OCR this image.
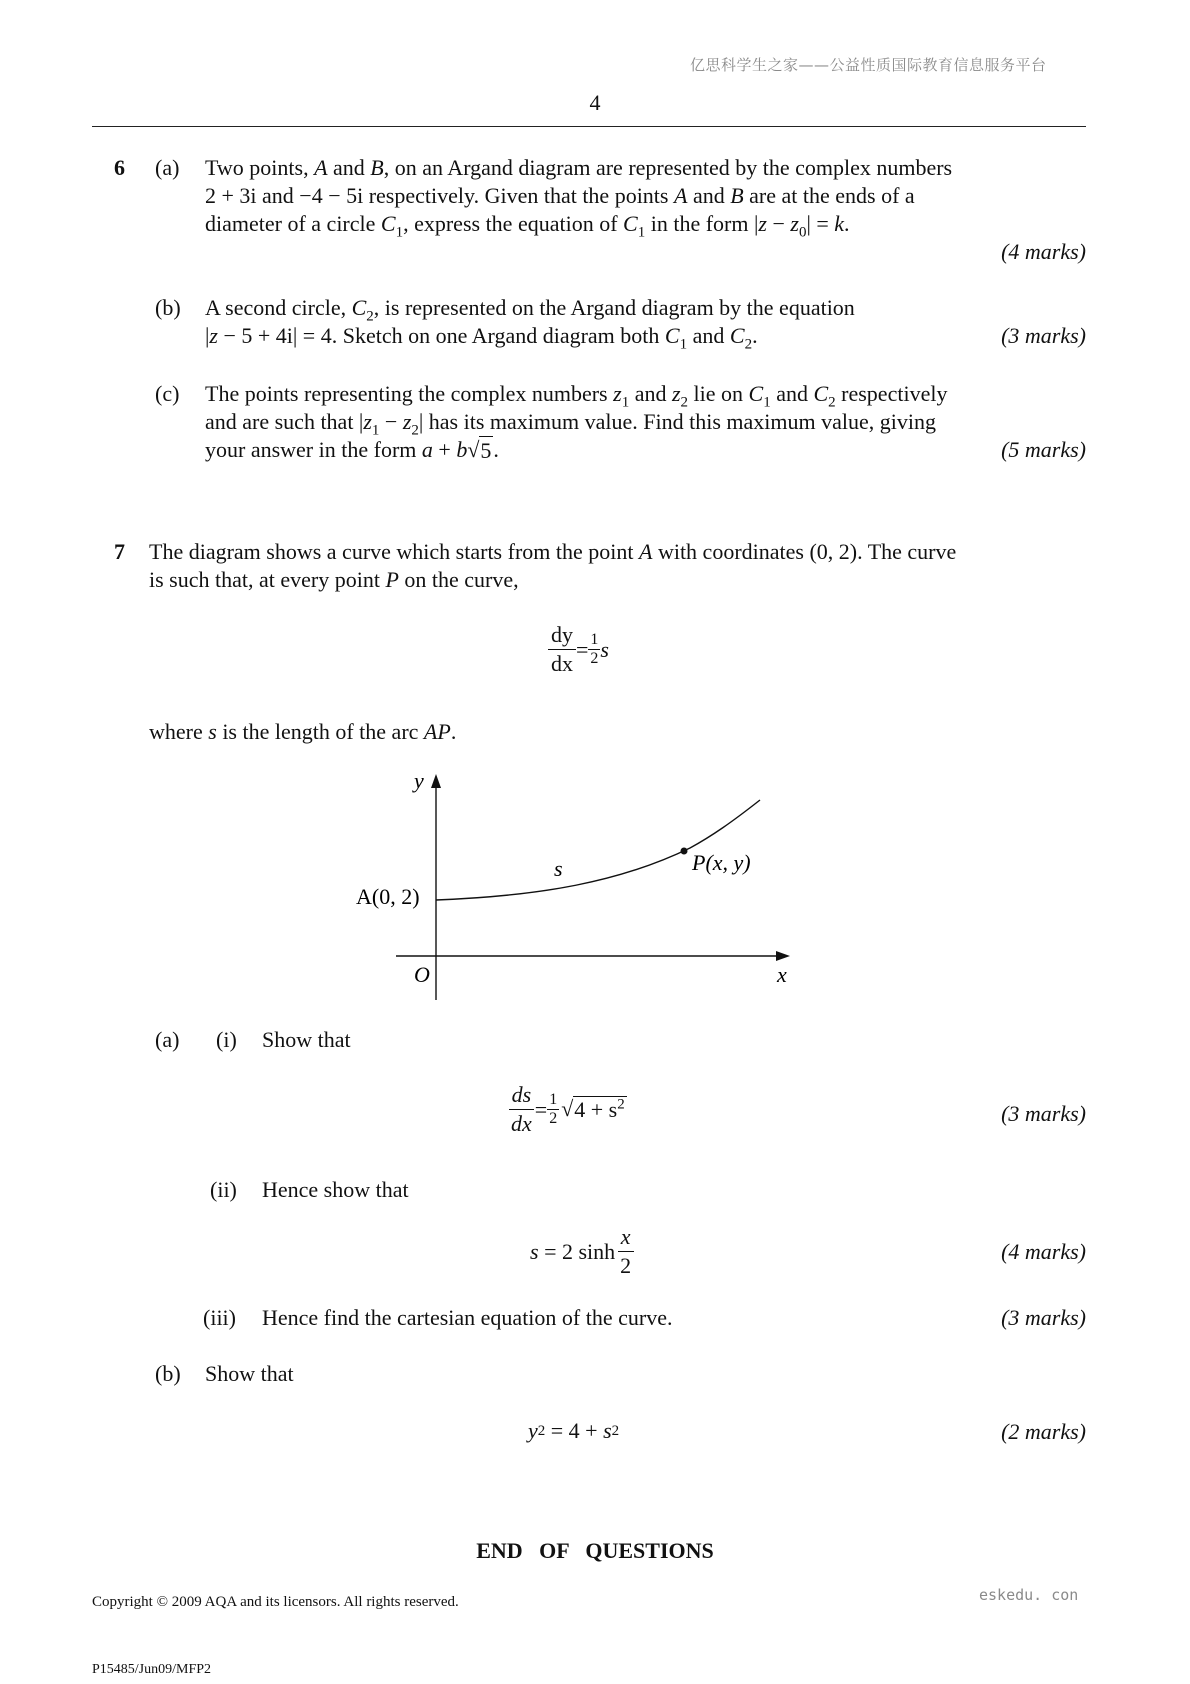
亿思科学生之家——公益性质国际教育信息服务平台
4
6 (a) Two points, A and B, on an Argand diagram are represented by the complex numbers
2 + 3i and −4 − 5i respectively. Given that the points A and B are at the ends of a
diameter of a circle $C_1$, express the equation of $C_1$ in the form $|z - z_0| = k$.
(4 marks)
(b) A second circle, $C_2$, is represented on the Argand diagram by the equation
|z − 5 + 4i| = 4. Sketch on one Argand diagram both $C_1$ and $C_2$.	(3 marks)
(c) The points representing the complex numbers $z_1$ and $z_2$ lie on $C_1$ and $C_2$ respectively
and are such that $|z_1 - z_2|$ has its maximum value. Find this maximum value, giving
your answer in the form a + b√ 5 .	(5 marks)
7 The diagram shows a curve which starts from the point A with coordinates (0, 2). The curve
is such that, at every point P on the curve,
$\frac{dy}{dx} = \frac{1}{2}$ s
where s is the length of the arc AP.
y
x
O
A(0, 2)
s	P(x, y)
(a) (i) Show that
$\frac{ds}{dx} = \frac{1}{2}$ √ $4 + s^2$	(3 marks)
(ii) Hence show that
s = 2 $\sinh \frac{x}{2}$	(4 marks)
(iii) Hence find the cartesian equation of the curve.	(3 marks)
(b) Show that
y 2 = 4 + s 2	(2 marks)
END   OF   QUESTIONS
Copyright © 2009 AQA and its licensors. All rights reserved.	eskedu. con
P15485/Jun09/MFP2
